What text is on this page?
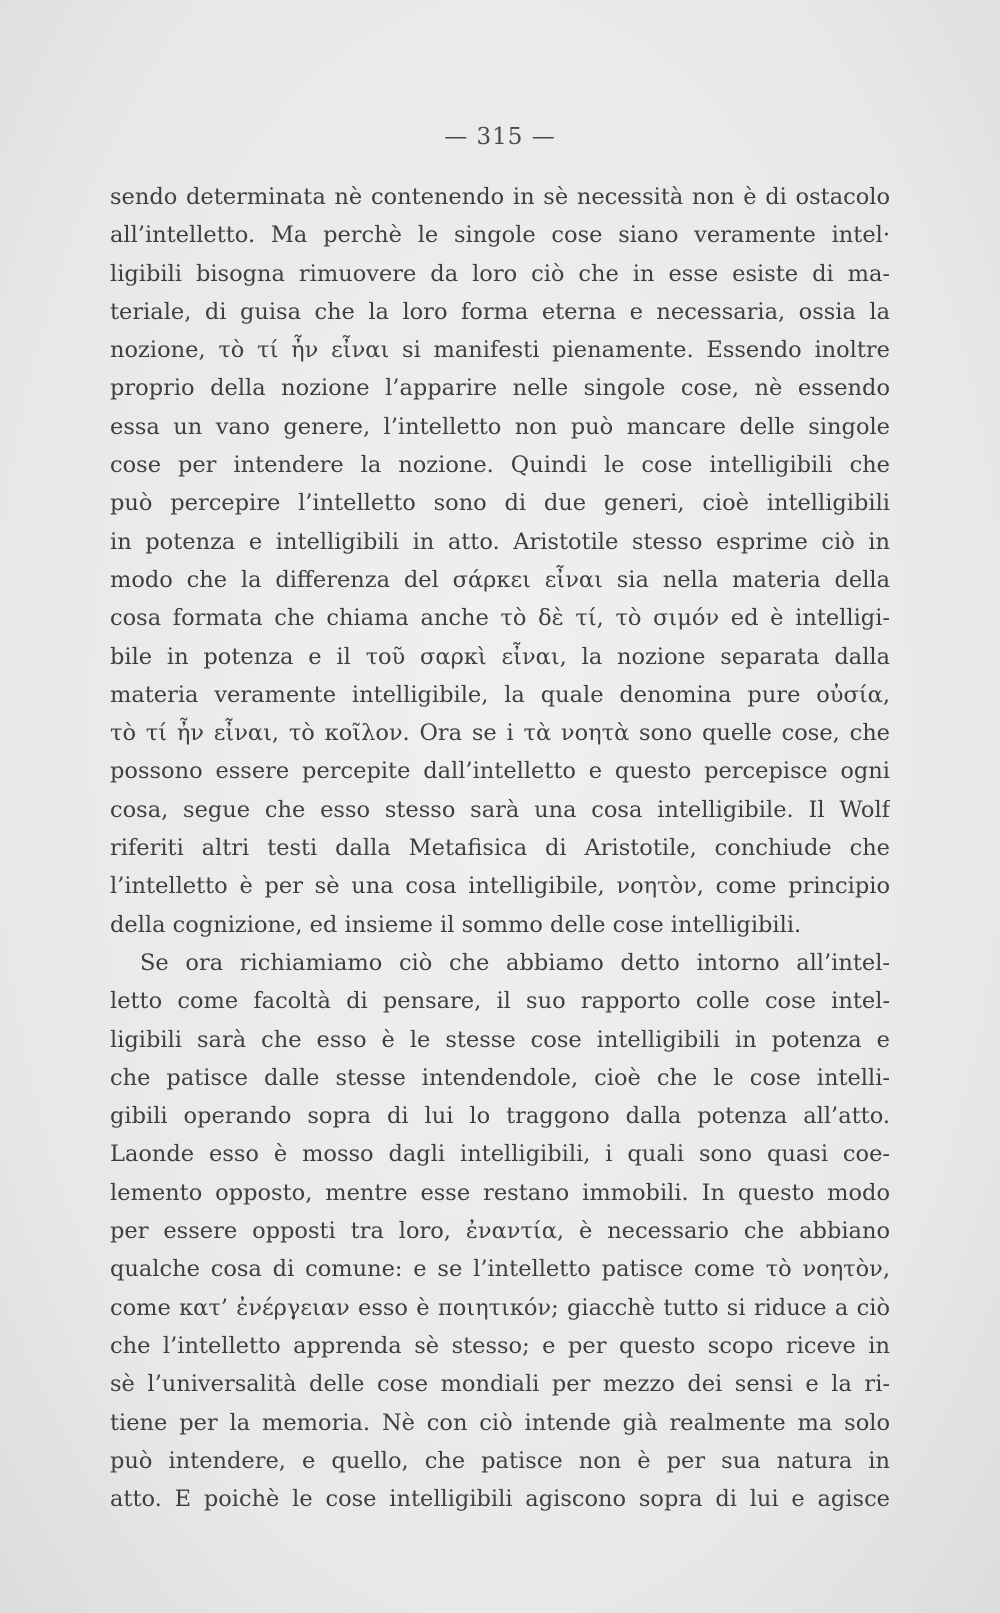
— 315 —
sendo determinata nè contenendo in sè necessità non è di ostacolo
all’intelletto. Ma perchè le singole cose siano veramente intel·
ligibili bisogna rimuovere da loro ciò che in esse esiste di ma-
teriale, di guisa che la loro forma eterna e necessaria, ossia la
nozione, τὸ τί ἦν εἶναι si manifesti pienamente. Essendo inoltre
proprio della nozione l’apparire nelle singole cose, nè essendo
essa un vano genere, l’intelletto non può mancare delle singole
cose per intendere la nozione. Quindi le cose intelligibili che
può percepire l’intelletto sono di due generi, cioè intelligibili
in potenza e intelligibili in atto. Aristotile stesso esprime ciò in
modo che la differenza del σάρκει εἶναι sia nella materia della
cosa formata che chiama anche τὸ δὲ τί, τὸ σιμόν ed è intelligi-
bile in potenza e il τοῦ σαρκὶ εἶναι, la nozione separata dalla
materia veramente intelligibile, la quale denomina pure οὐσία,
τὸ τί ἦν εἶναι, τὸ κοῖλον. Ora se i τὰ νοητὰ sono quelle cose, che
possono essere percepite dall’intelletto e questo percepisce ogni
cosa, segue che esso stesso sarà una cosa intelligibile. Il Wolf
riferiti altri testi dalla Metafisica di Aristotile, conchiude che
l’intelletto è per sè una cosa intelligibile, νοητὸν, come principio
della cognizione, ed insieme il sommo delle cose intelligibili.
Se ora richiamiamo ciò che abbiamo detto intorno all’intel-
letto come facoltà di pensare, il suo rapporto colle cose intel-
ligibili sarà che esso è le stesse cose intelligibili in potenza e
che patisce dalle stesse intendendole, cioè che le cose intelli-
gibili operando sopra di lui lo traggono dalla potenza all’atto.
Laonde esso è mosso dagli intelligibili, i quali sono quasi coe-
lemento opposto, mentre esse restano immobili. In questo modo
per essere opposti tra loro, ἐναντία, è necessario che abbiano
qualche cosa di comune: e se l’intelletto patisce come τὸ νοητὸν,
come κατ’ ἐνέργειαν esso è ποιητικόν; giacchè tutto si riduce a ciò
che l’intelletto apprenda sè stesso; e per questo scopo riceve in
sè l’universalità delle cose mondiali per mezzo dei sensi e la ri-
tiene per la memoria. Nè con ciò intende già realmente ma solo
può intendere, e quello, che patisce non è per sua natura in
atto. E poichè le cose intelligibili agiscono sopra di lui e agisce
